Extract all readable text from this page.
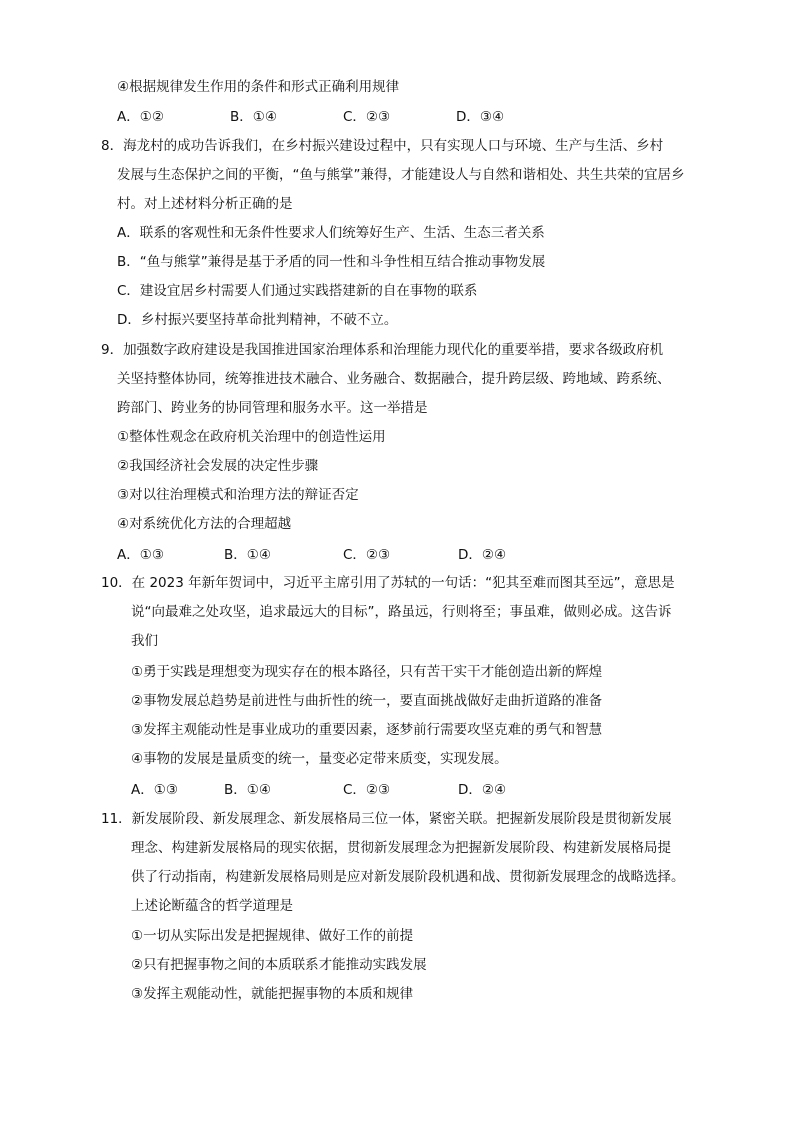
④根据规律发生作用的条件和形式正确利用规律
A．①②	B．①④	C．②③	D．③④
8．海龙村的成功告诉我们，在乡村振兴建设过程中，只有实现人口与环境、生产与生活、乡村
发展与生态保护之间的平衡，“鱼与熊掌”兼得，才能建设人与自然和谐相处、共生共荣的宜居乡
村。对上述材料分析正确的是
A．联系的客观性和无条件性要求人们统筹好生产、生活、生态三者关系
B．“鱼与熊掌”兼得是基于矛盾的同一性和斗争性相互结合推动事物发展
C．建设宜居乡村需要人们通过实践搭建新的自在事物的联系
D．乡村振兴要坚持革命批判精神，不破不立。
9．加强数字政府建设是我国推进国家治理体系和治理能力现代化的重要举措，要求各级政府机
关坚持整体协同，统筹推进技术融合、业务融合、数据融合，提升跨层级、跨地域、跨系统、
跨部门、跨业务的协同管理和服务水平。这一举措是
①整体性观念在政府机关治理中的创造性运用
②我国经济社会发展的决定性步骤
③对以往治理模式和治理方法的辩证否定
④对系统优化方法的合理超越
A．①③	B．①④	C．②③	D．②④
10．在 2023 年新年贺词中，习近平主席引用了苏轼的一句话：“犯其至难而图其至远”，意思是
说“向最难之处攻坚，追求最远大的目标”，路虽远，行则将至；事虽难，做则必成。这告诉
我们
①勇于实践是理想变为现实存在的根本路径，只有苦干实干才能创造出新的辉煌
②事物发展总趋势是前进性与曲折性的统一，要直面挑战做好走曲折道路的准备
③发挥主观能动性是事业成功的重要因素，逐梦前行需要攻坚克难的勇气和智慧
④事物的发展是量质变的统一，量变必定带来质变，实现发展。
A．①③	B．①④	C．②③	D．②④
11．新发展阶段、新发展理念、新发展格局三位一体，紧密关联。把握新发展阶段是贯彻新发展
理念、构建新发展格局的现实依据，贯彻新发展理念为把握新发展阶段、构建新发展格局提
供了行动指南，构建新发展格局则是应对新发展阶段机遇和战、贯彻新发展理念的战略选择。
上述论断蕴含的哲学道理是
①一切从实际出发是把握规律、做好工作的前提
②只有把握事物之间的本质联系才能推动实践发展
③发挥主观能动性，就能把握事物的本质和规律
